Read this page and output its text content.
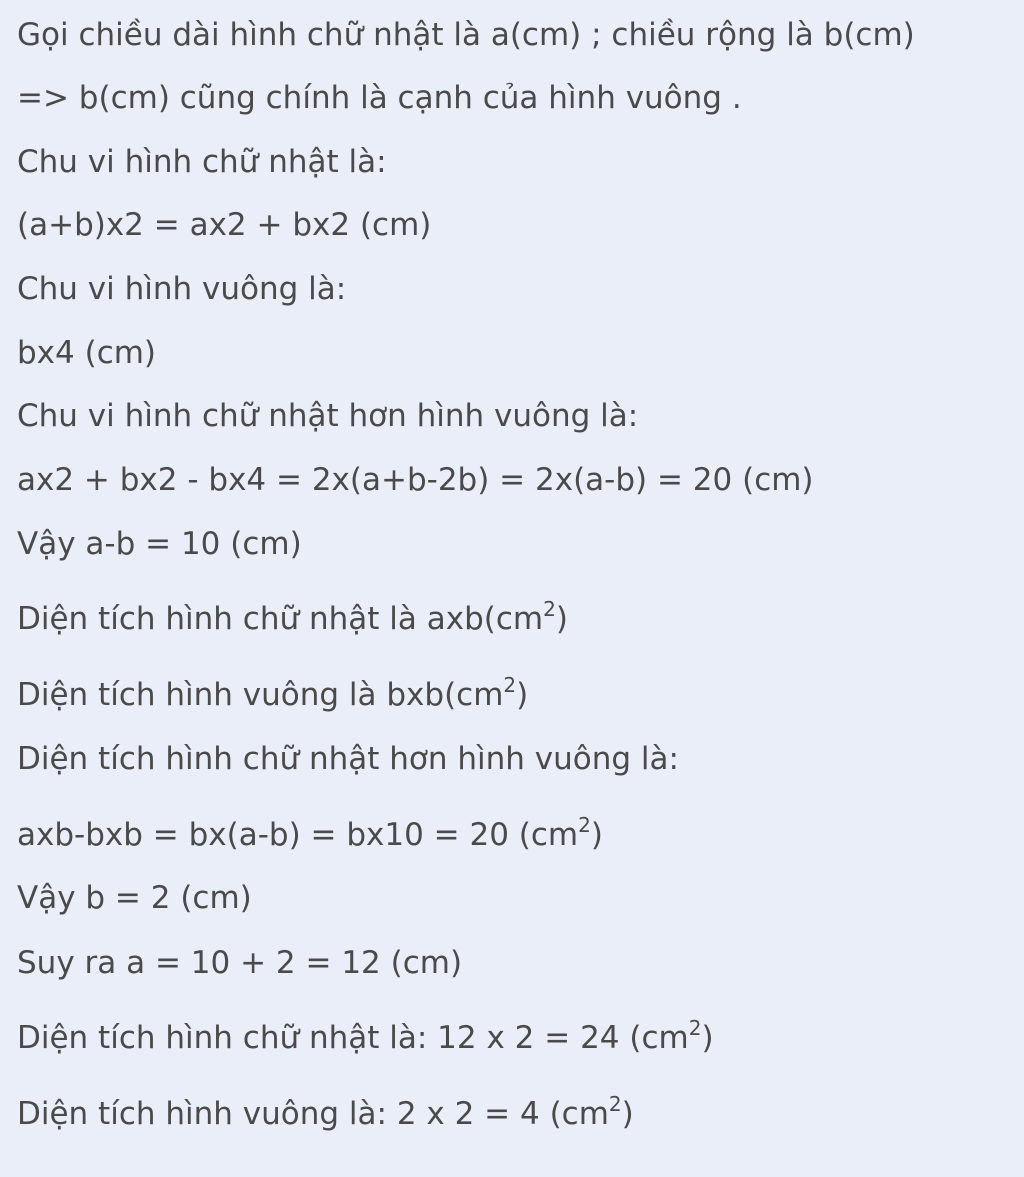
Gọi chiều dài hình chữ nhật là a(cm) ; chiều rộng là b(cm)

=> b(cm) cũng chính là cạnh của hình vuông .

Chu vi hình chữ nhật là:

(a+b)x2 = ax2 + bx2 (cm)

Chu vi hình vuông là:

bx4 (cm)

Chu vi hình chữ nhật hơn hình vuông là:

ax2 + bx2 - bx4 = 2x(a+b-2b) = 2x(a-b) = 20 (cm)

Vậy a-b = 10 (cm)

Diện tích hình chữ nhật là $axb(cm^2)$

Diện tích hình vuông là $bxb(cm^2)$

Diện tích hình chữ nhật hơn hình vuông là:

axb-bxb = bx(a-b) = bx10 = 20 $(cm^2)$

Vậy b = 2 (cm)

Suy ra a = 10 + 2 = 12 (cm)

Diện tích hình chữ nhật là: 12 x 2 = 24 $(cm^2)$

Diện tích hình vuông là: 2 x 2 = 4 $(cm^2)$
